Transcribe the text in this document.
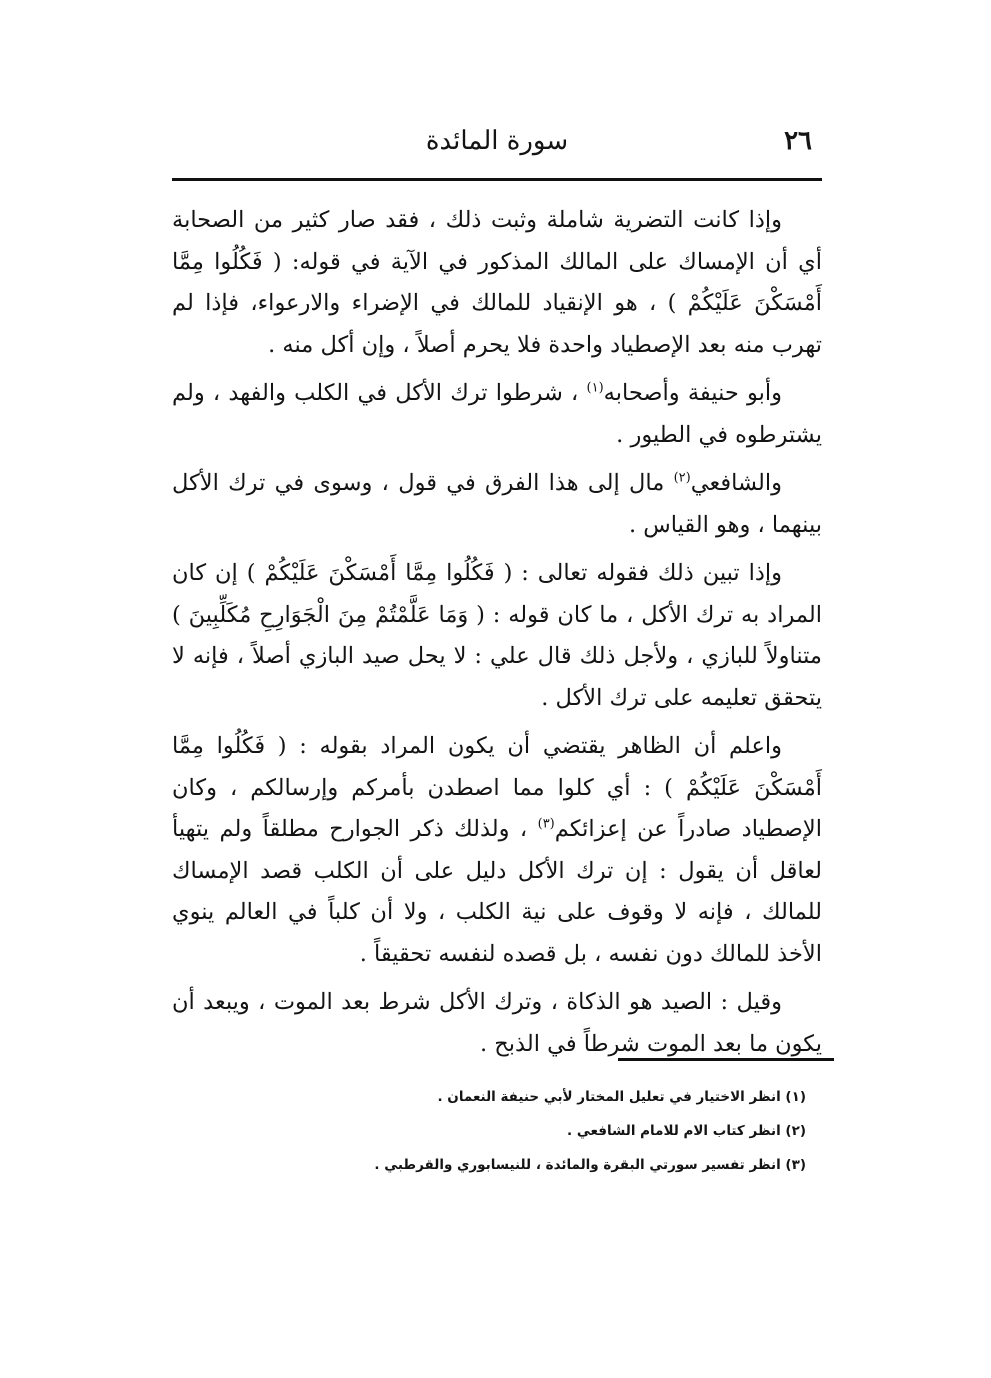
٢٦
سورة المائدة

وإذا كانت التضرية شاملة وثبت ذلك ، فقد صار كثير من الصحابة أي أن الإمساك على المالك المذكور في الآية في قوله: ( فَكُلُوا مِمَّا أَمْسَكْنَ عَلَيْكُمْ ) ، هو الإنقياد للمالك في الإضراء والارعواء، فإذا لم تهرب منه بعد الإصطياد واحدة فلا يحرم أصلاً ، وإن أكل منه .

وأبو حنيفة وأصحابه$^{(١)}$ ، شرطوا ترك الأكل في الكلب والفهد ، ولم يشترطوه في الطيور .

والشافعي$^{(٢)}$ مال إلى هذا الفرق في قول ، وسوى في ترك الأكل بينهما ، وهو القياس .

وإذا تبين ذلك فقوله تعالى : ( فَكُلُوا مِمَّا أَمْسَكْنَ عَلَيْكُمْ ) إن كان المراد به ترك الأكل ، ما كان قوله : ( وَمَا عَلَّمْتُمْ مِنَ الْجَوَارِحِ مُكَلِّبِينَ ) متناولاً للبازي ، ولأجل ذلك قال علي : لا يحل صيد البازي أصلاً ، فإنه لا يتحقق تعليمه على ترك الأكل .

واعلم أن الظاهر يقتضي أن يكون المراد بقوله : ( فَكُلُوا مِمَّا أَمْسَكْنَ عَلَيْكُمْ ) : أي كلوا مما اصطدن بأمركم وإرسالكم ، وكان الإصطياد صادراً عن إعزائكم$^{(٣)}$ ، ولذلك ذكر الجوارح مطلقاً ولم يتهيأ لعاقل أن يقول : إن ترك الأكل دليل على أن الكلب قصد الإمساك للمالك ، فإنه لا وقوف على نية الكلب ، ولا أن كلباً في العالم ينوي الأخذ للمالك دون نفسه ، بل قصده لنفسه تحقيقاً .

وقيل : الصيد هو الذكاة ، وترك الأكل شرط بعد الموت ، ويبعد أن يكون ما بعد الموت شرطاً في الذبح .

(١) انظر الاختيار في تعليل المختار لأبي حنيفة النعمان .

(٢) انظر كتاب الام للامام الشافعي .

(٣) انظر تفسير سورتي البقرة والمائدة ، للنيسابوري والقرطبي .
